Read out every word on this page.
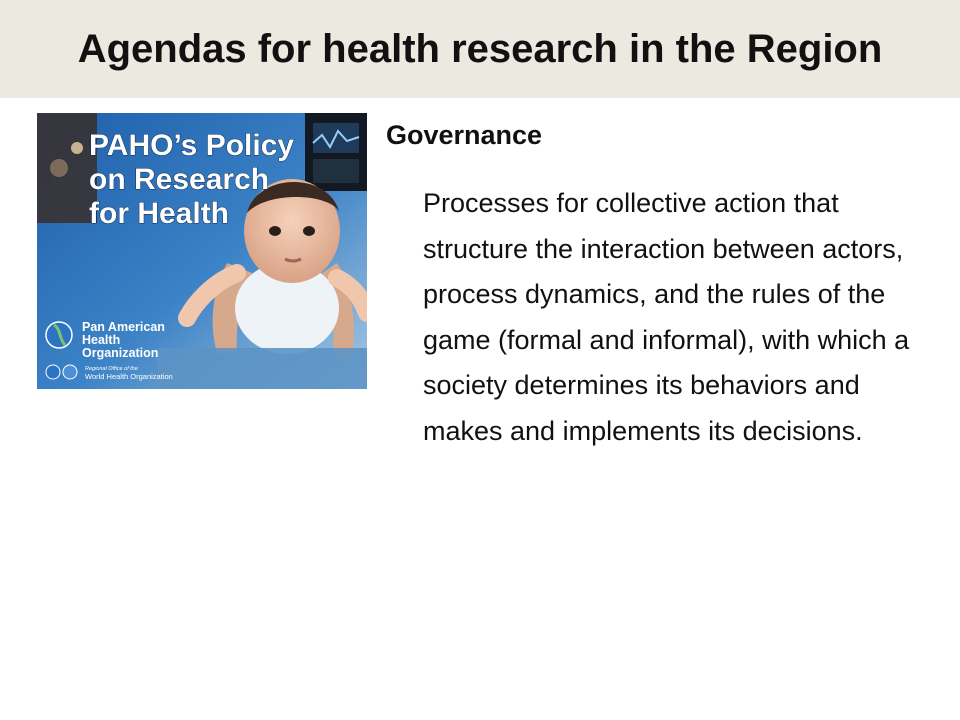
Agendas for health research in the Region
PAHO’s Policy
on Research
for Health
Pan American
Health
Organization
Regional Office of the
World Health Organization
Governance
Processes for collective action that structure the interaction between actors, process dynamics, and the rules of the game (formal and informal), with which a society determines its behaviors and makes and implements its decisions.
